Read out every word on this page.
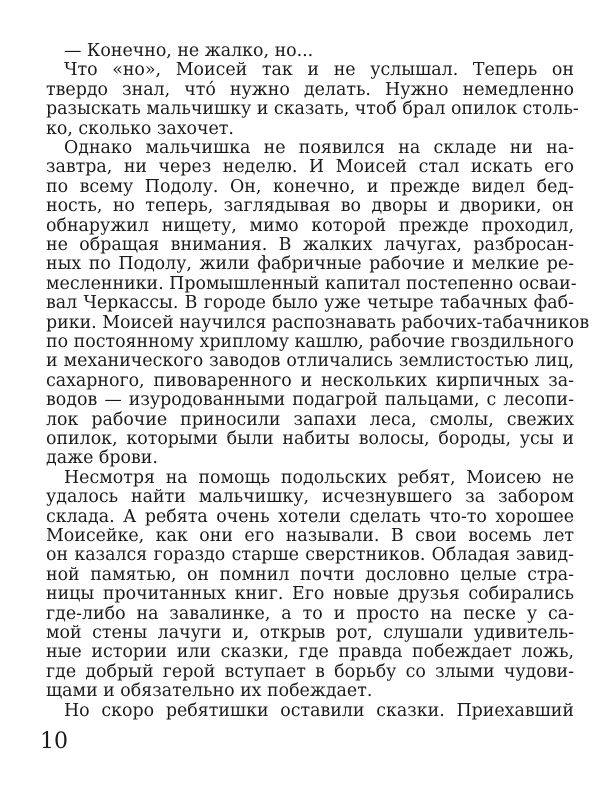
— Конечно, не жалко, но...
Что «но», Моисей так и не услышал. Теперь он
твердо знал, что́ нужно делать. Нужно немедленно
разыскать мальчишку и сказать, чтоб брал опилок столь-
ко, сколько захочет.
Однако мальчишка не появился на складе ни на-
завтра, ни через неделю. И Моисей стал искать его
по всему Подолу. Он, конечно, и прежде видел бед-
ность, но теперь, заглядывая во дворы и дворики, он
обнаружил нищету, мимо которой прежде проходил,
не обращая внимания. В жалких лачугах, разбросан-
ных по Подолу, жили фабричные рабочие и мелкие ре-
месленники. Промышленный капитал постепенно осваи-
вал Черкассы. В городе было уже четыре табачных фаб-
рики. Моисей научился распознавать рабочих-табачников
по постоянному хриплому кашлю, рабочие гвоздильного
и механического заводов отличались землистостью лиц,
сахарного, пивоваренного и нескольких кирпичных за-
водов — изуродованными подагрой пальцами, с лесопи-
лок рабочие приносили запахи леса, смолы, свежих
опилок, которыми были набиты волосы, бороды, усы и
даже брови.
Несмотря на помощь подольских ребят, Моисею не
удалось найти мальчишку, исчезнувшего за забором
склада. А ребята очень хотели сделать что-то хорошее
Моисейке, как они его называли. В свои восемь лет
он казался гораздо старше сверстников. Обладая завид-
ной памятью, он помнил почти дословно целые стра-
ницы прочитанных книг. Его новые друзья собирались
где-либо на завалинке, а то и просто на песке у са-
мой стены лачуги и, открыв рот, слушали удивитель-
ные истории или сказки, где правда побеждает ложь,
где добрый герой вступает в борьбу со злыми чудови-
щами и обязательно их побеждает.
Но скоро ребятишки оставили сказки. Приехавший
10
